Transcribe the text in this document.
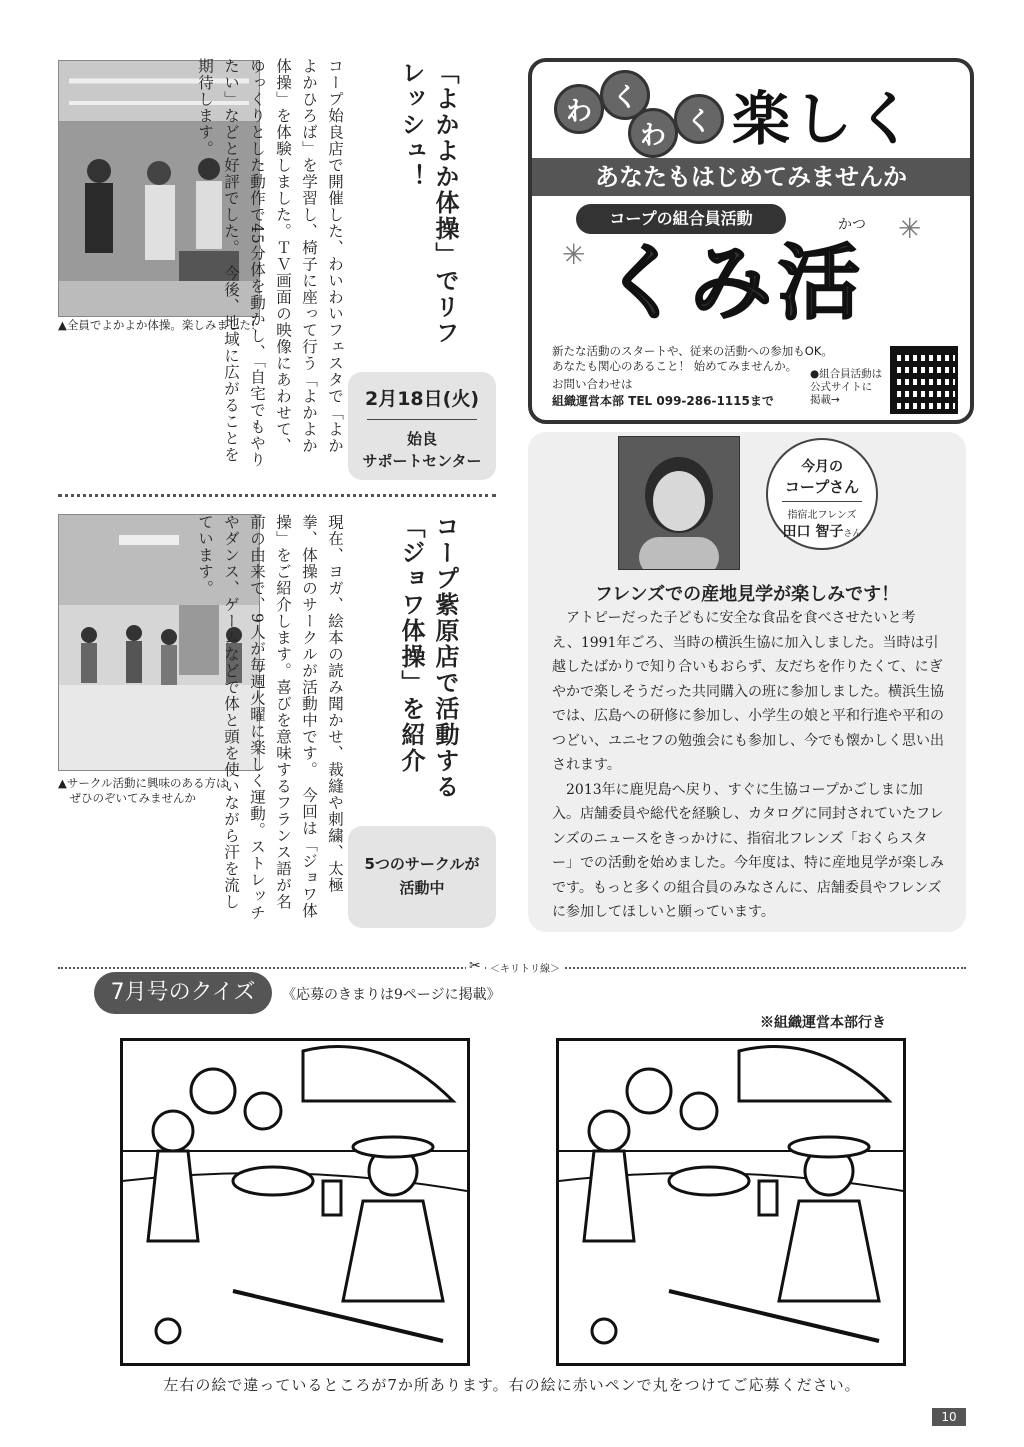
▲全員でよかよか体操。楽しみました!	コープ始良店で開催した、わいわいフェスタで「よかよかひろば」を学習し、椅子に座って行う「よかよか体操」を体験しました。ＴＶ画面の映像にあわせて、ゆっくりとした動作で45分体を動かし、「自宅でもやりたい」などと好評でした。　今後、地域に広がることを期待します。	「よかよか体操」でリフレッシュ！
2月18日(火)
始良
サポートセンター
▲サークル活動に興味のある方は
　ぜひのぞいてみませんか	現在、ヨガ、絵本の読み聞かせ、裁縫や刺繍、太極拳、体操のサークルが活動中です。　今回は「ジョワ体操」をご紹介します。喜びを意味するフランス語が名前の由来で、9人が毎週火曜に楽しく運動。ストレッチやダンス、ゲームなどで体と頭を使いながら汗を流しています。	コープ紫原店で活動する「ジョワ体操」を紹介
5つのサークルが
活動中
わ く
わ く 楽しく
あなたもはじめてみませんか
コープの組合員活動	かつ
✳
✳
くみ活
新たな活動のスタートや、従来の活動への参加もOK。
あなたも関心のあること！ 始めてみませんか。
お問い合わせは
組織運営本部 TEL 099-286-1115まで
●組合員活動は
公式サイトに
掲載→
今月の
コープさん
指宿北フレンズ
田口 智子さん
フレンズでの産地見学が楽しみです！
　アトピーだった子どもに安全な食品を食べさせたいと考え、1991年ごろ、当時の横浜生協に加入しました。当時は引越したばかりで知り合いもおらず、友だちを作りたくて、にぎやかで楽しそうだった共同購入の班に参加しました。横浜生協では、広島への研修に参加し、小学生の娘と平和行進や平和のつどい、ユニセフの勉強会にも参加し、今でも懐かしく思い出されます。
　2013年に鹿児島へ戻り、すぐに生協コープかごしまに加入。店舗委員や総代を経験し、カタログに同封されていたフレンズのニュースをきっかけに、指宿北フレンズ「おくらスター」での活動を始めました。今年度は、特に産地見学が楽しみです。もっと多くの組合員のみなさんに、店舗委員やフレンズに参加してほしいと願っています。
✂ ＜キリトリ線＞
7月号のクイズ	《応募のきまりは9ページに掲載》
※組織運営本部行き
左右の絵で違っているところが7か所あります。右の絵に赤いペンで丸をつけてご応募ください。
10
